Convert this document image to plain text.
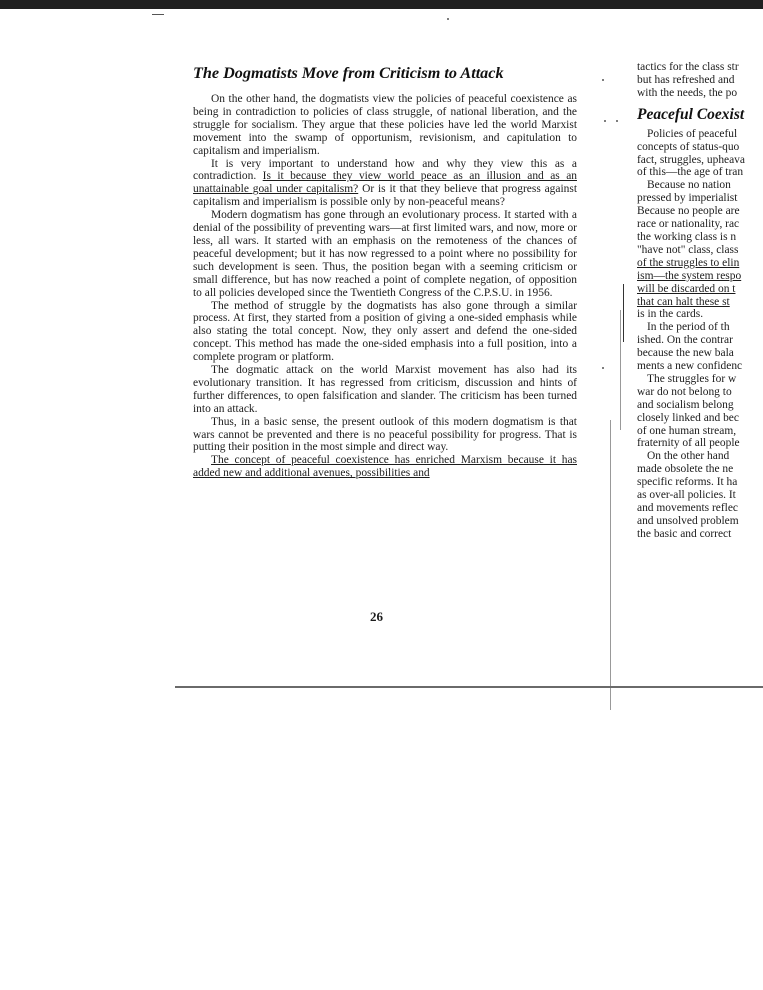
The Dogmatists Move from Criticism to Attack

On the other hand, the dogmatists view the policies of peaceful coexistence as being in contradiction to policies of class struggle, of national liberation, and the struggle for socialism. They argue that these policies have led the world Marxist movement into the swamp of opportunism, revisionism, and capitulation to capitalism and imperialism.

It is very important to understand how and why they view this as a contradiction. Is it because they view world peace as an illusion and as an unattainable goal under capitalism? Or is it that they believe that progress against capitalism and imperialism is possible only by non-peaceful means?

Modern dogmatism has gone through an evolutionary process. It started with a denial of the possibility of preventing wars—at first limited wars, and now, more or less, all wars. It started with an emphasis on the remoteness of the chances of peaceful development; but it has now regressed to a point where no possibility for such development is seen. Thus, the position began with a seeming criticism or small difference, but has now reached a point of complete negation, of opposition to all policies developed since the Twentieth Congress of the C.P.S.U. in 1956.

The method of struggle by the dogmatists has also gone through a similar process. At first, they started from a position of giving a one-sided emphasis while also stating the total concept. Now, they only assert and defend the one-sided concept. This method has made the one-sided emphasis into a full position, into a complete program or platform.

The dogmatic attack on the world Marxist movement has also had its evolutionary transition. It has regressed from criticism, discussion and hints of further differences, to open falsification and slander. The criticism has been turned into an attack.

Thus, in a basic sense, the present outlook of this modern dogmatism is that wars cannot be prevented and there is no peaceful possibility for progress. That is putting their position in the most simple and direct way.

The concept of peaceful coexistence has enriched Marxism because it has added new and additional avenues, possibilities and

26

tactics for the class str

but has refreshed and

with the needs, the po

Peaceful Coexist

Policies of peaceful

concepts of status-quo

fact, struggles, upheava

of this—the age of tran

Because no nation

pressed by imperialist

Because no people are

race or nationality, rac

the working class is n

"have not" class, class

of the struggles to elin

ism—the system respo

will be discarded on t

that can halt these st

is in the cards.

In the period of th

ished. On the contrar

because the new bala

ments a new confidenc

The struggles for w

war do not belong to

and socialism belong

closely linked and bec

of one human stream,

fraternity of all people

On the other hand

made obsolete the ne

specific reforms. It ha

as over-all policies. It

and movements reflec

and unsolved problem

the basic and correct
